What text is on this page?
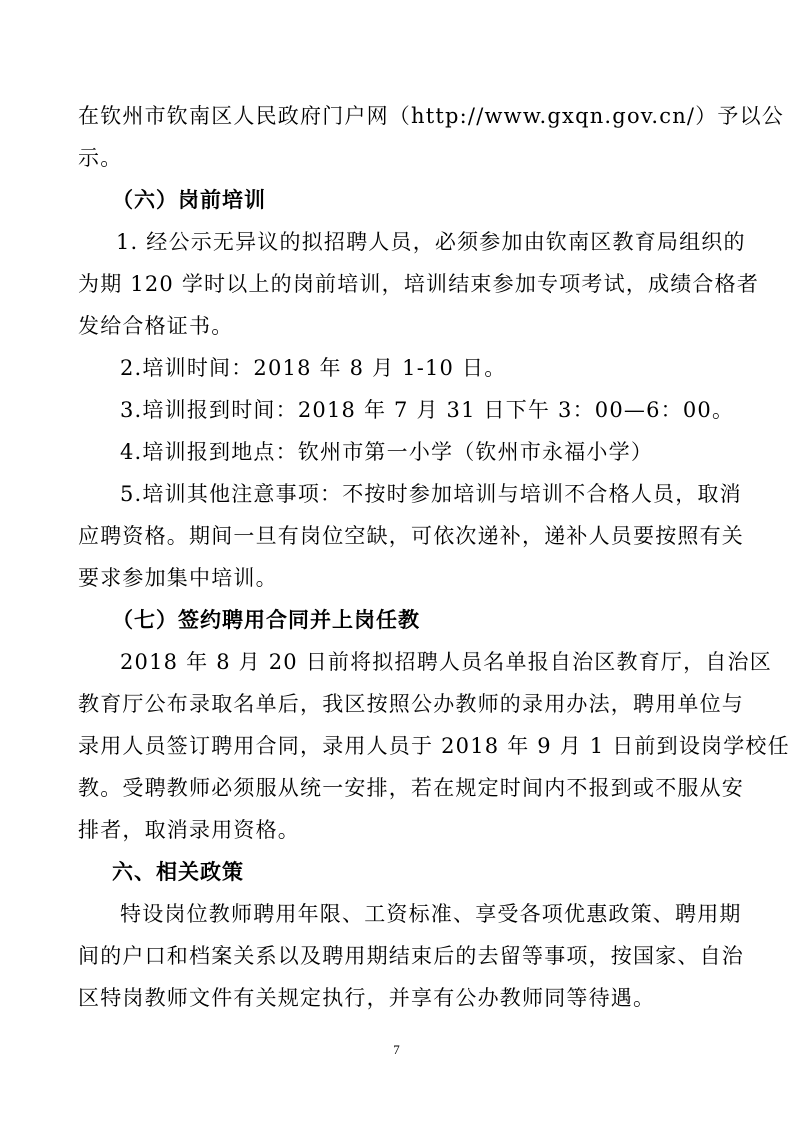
在钦州市钦南区人民政府门户网（http://www.gxqn.gov.cn/）予以公
示。
（六）岗前培训
1. 经公示无异议的拟招聘人员，必须参加由钦南区教育局组织的
为期 120 学时以上的岗前培训，培训结束参加专项考试，成绩合格者
发给合格证书。
2.培训时间：2018 年 8 月 1-10 日。
3.培训报到时间：2018 年 7 月 31 日下午 3：00—6：00。
4.培训报到地点：钦州市第一小学（钦州市永福小学）
5.培训其他注意事项：不按时参加培训与培训不合格人员，取消
应聘资格。期间一旦有岗位空缺，可依次递补，递补人员要按照有关
要求参加集中培训。
（七）签约聘用合同并上岗任教
2018 年 8 月 20 日前将拟招聘人员名单报自治区教育厅，自治区
教育厅公布录取名单后，我区按照公办教师的录用办法，聘用单位与
录用人员签订聘用合同，录用人员于 2018 年 9 月 1 日前到设岗学校任
教。受聘教师必须服从统一安排，若在规定时间内不报到或不服从安
排者，取消录用资格。
六、相关政策
特设岗位教师聘用年限、工资标准、享受各项优惠政策、聘用期
间的户口和档案关系以及聘用期结束后的去留等事项，按国家、自治
区特岗教师文件有关规定执行，并享有公办教师同等待遇。
7
